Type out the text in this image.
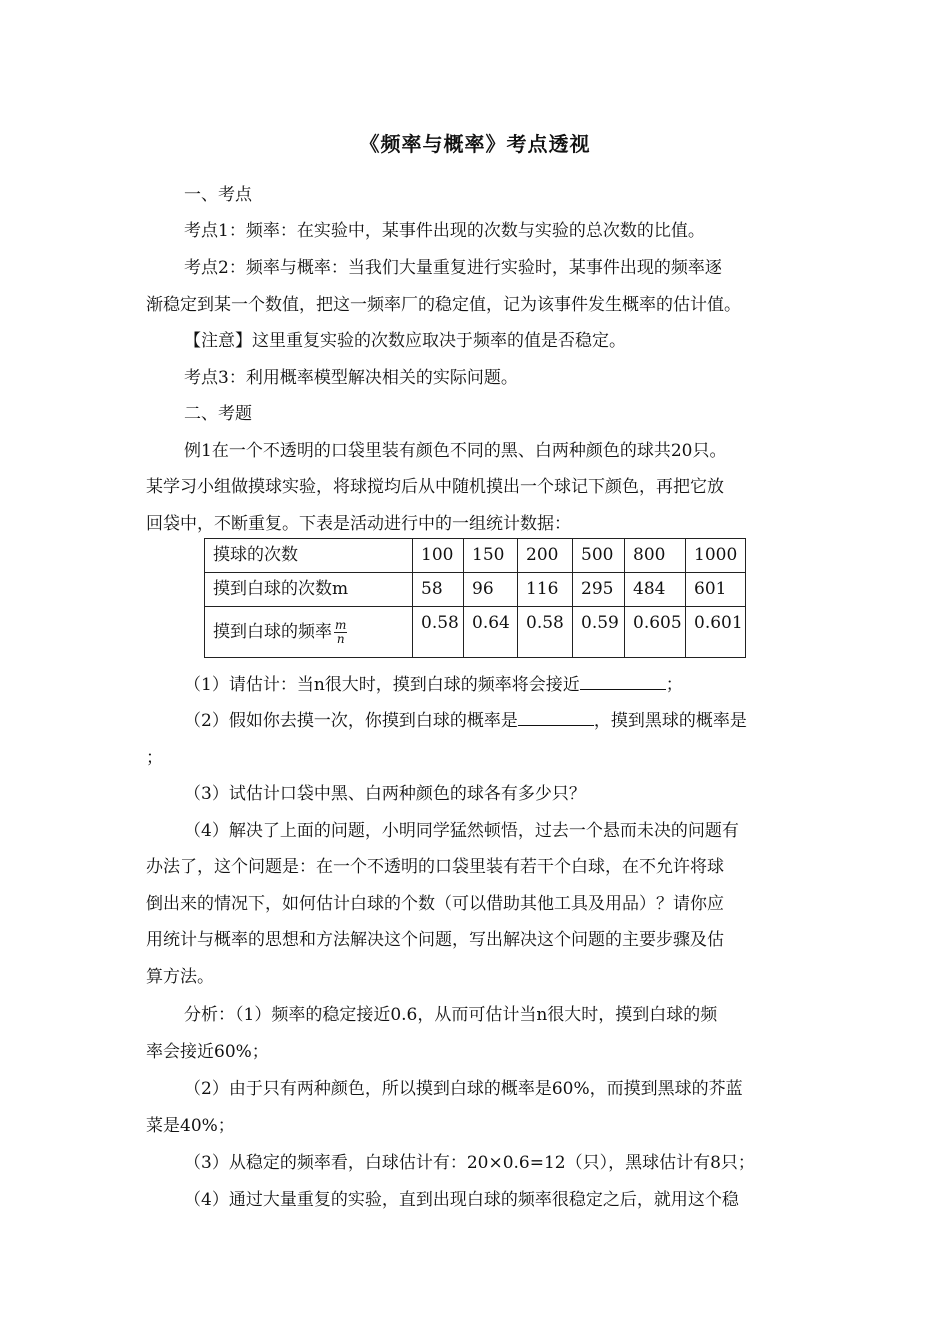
《频率与概率》考点透视
一、考点
考点1：频率：在实验中，某事件出现的次数与实验的总次数的比值。
考点2：频率与概率：当我们大量重复进行实验时，某事件出现的频率逐
渐稳定到某一个数值，把这一频率厂的稳定值，记为该事件发生概率的估计值。
【注意】这里重复实验的次数应取决于频率的值是否稳定。
考点3：利用概率模型解决相关的实际问题。
二、考题
例1在一个不透明的口袋里装有颜色不同的黑、白两种颜色的球共20只。
某学习小组做摸球实验，将球搅均后从中随机摸出一个球记下颜色，再把它放
回袋中，不断重复。下表是活动进行中的一组统计数据：
摸球的次数	100	150	200	500	800	1000
摸到白球的次数m	58	96	116	295	484	601
摸到白球的频率 $\frac{m}{n}$	0.58	0.64	0.58	0.59	0.605	0.601
（1）请估计：当n很大时，摸到白球的频率将会接近	；
（2）假如你去摸一次，你摸到白球的概率是	，摸到黑球的概率是
；
（3）试估计口袋中黑、白两种颜色的球各有多少只？
（4）解决了上面的问题，小明同学猛然顿悟，过去一个悬而未决的问题有
办法了，这个问题是：在一个不透明的口袋里装有若干个白球，在不允许将球
倒出来的情况下，如何估计白球的个数（可以借助其他工具及用品）？请你应
用统计与概率的思想和方法解决这个问题，写出解决这个问题的主要步骤及估
算方法。
分析：（1）频率的稳定接近0.6，从而可估计当n很大时，摸到白球的频
率会接近60%；
（2）由于只有两种颜色，所以摸到白球的概率是60%，而摸到黑球的芥蓝
菜是40%；
（3）从稳定的频率看，白球估计有：20×0.6=12（只），黑球估计有8只；
（4）通过大量重复的实验，直到出现白球的频率很稳定之后，就用这个稳
